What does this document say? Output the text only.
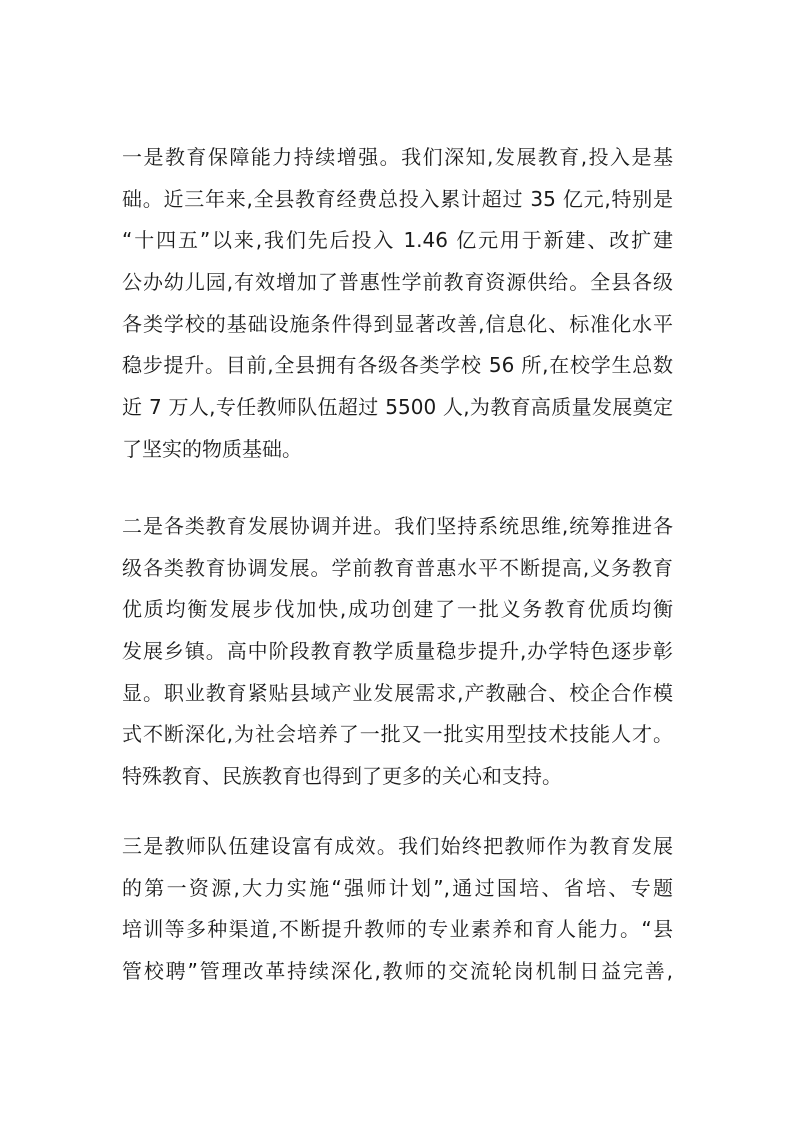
一是教育保障能力持续增强。我们深知,发展教育,投入是基
础。近三年来,全县教育经费总投入累计超过 35 亿元,特别是
“十四五”以来,我们先后投入 1.46 亿元用于新建、改扩建
公办幼儿园,有效增加了普惠性学前教育资源供给。全县各级
各类学校的基础设施条件得到显著改善,信息化、标准化水平
稳步提升。目前,全县拥有各级各类学校 56 所,在校学生总数
近 7 万人,专任教师队伍超过 5500 人,为教育高质量发展奠定
了坚实的物质基础。
二是各类教育发展协调并进。我们坚持系统思维,统筹推进各
级各类教育协调发展。学前教育普惠水平不断提高,义务教育
优质均衡发展步伐加快,成功创建了一批义务教育优质均衡
发展乡镇。高中阶段教育教学质量稳步提升,办学特色逐步彰
显。职业教育紧贴县域产业发展需求,产教融合、校企合作模
式不断深化,为社会培养了一批又一批实用型技术技能人才。
特殊教育、民族教育也得到了更多的关心和支持。
三是教师队伍建设富有成效。我们始终把教师作为教育发展
的第一资源,大力实施“强师计划”,通过国培、省培、专题
培训等多种渠道,不断提升教师的专业素养和育人能力。“县
管校聘”管理改革持续深化,教师的交流轮岗机制日益完善,
